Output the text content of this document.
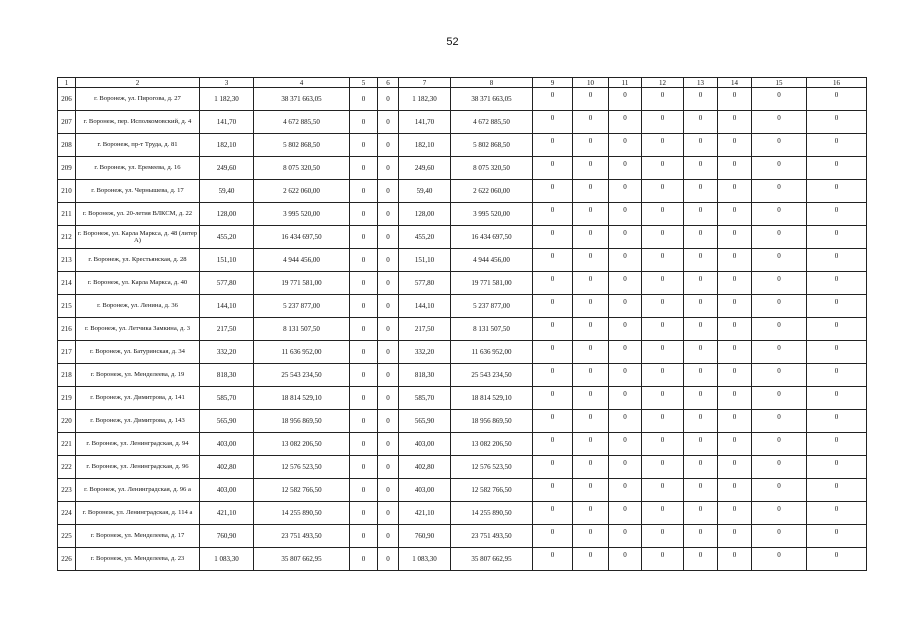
52
1	2	3	4	5	6	7	8	9	10	11	12	13	14	15	16
206	г. Воронеж, ул. Пирогова, д. 27	1 182,30	38 371 663,05	0	0	1 182,30	38 371 663,05	0	0	0	0	0	0	0	0
207	г. Воронеж, пер. Исполкомовский, д. 4	141,70	4 672 885,50	0	0	141,70	4 672 885,50	0	0	0	0	0	0	0	0
208	г. Воронеж, пр-т Труда, д. 81	182,10	5 802 868,50	0	0	182,10	5 802 868,50	0	0	0	0	0	0	0	0
209	г. Воронеж, ул. Еремеева, д. 16	249,60	8 075 320,50	0	0	249,60	8 075 320,50	0	0	0	0	0	0	0	0
210	г. Воронеж, ул. Чернышева, д. 17	59,40	2 622 060,00	0	0	59,40	2 622 060,00	0	0	0	0	0	0	0	0
211	г. Воронеж, ул. 20-летия ВЛКСМ, д. 22	128,00	3 995 520,00	0	0	128,00	3 995 520,00	0	0	0	0	0	0	0	0
212	г. Воронеж, ул. Карла Маркса, д. 48 (литер А)	455,20	16 434 697,50	0	0	455,20	16 434 697,50	0	0	0	0	0	0	0	0
213	г. Воронеж, ул. Крестьянская, д. 28	151,10	4 944 456,00	0	0	151,10	4 944 456,00	0	0	0	0	0	0	0	0
214	г. Воронеж, ул. Карла Маркса, д. 40	577,80	19 771 581,00	0	0	577,80	19 771 581,00	0	0	0	0	0	0	0	0
215	г. Воронеж, ул. Ленина, д. 36	144,10	5 237 877,00	0	0	144,10	5 237 877,00	0	0	0	0	0	0	0	0
216	г. Воронеж, ул. Летчика Замкина, д. 3	217,50	8 131 507,50	0	0	217,50	8 131 507,50	0	0	0	0	0	0	0	0
217	г. Воронеж, ул. Батуринская, д. 34	332,20	11 636 952,00	0	0	332,20	11 636 952,00	0	0	0	0	0	0	0	0
218	г. Воронеж, ул. Менделеева, д. 19	818,30	25 543 234,50	0	0	818,30	25 543 234,50	0	0	0	0	0	0	0	0
219	г. Воронеж, ул. Димитрова, д. 141	585,70	18 814 529,10	0	0	585,70	18 814 529,10	0	0	0	0	0	0	0	0
220	г. Воронеж, ул. Димитрова, д. 143	565,90	18 956 869,50	0	0	565,90	18 956 869,50	0	0	0	0	0	0	0	0
221	г. Воронеж, ул. Ленинградская, д. 94	403,00	13 082 206,50	0	0	403,00	13 082 206,50	0	0	0	0	0	0	0	0
222	г. Воронеж, ул. Ленинградская, д. 96	402,80	12 576 523,50	0	0	402,80	12 576 523,50	0	0	0	0	0	0	0	0
223	г. Воронеж, ул. Ленинградская, д. 96 а	403,00	12 582 766,50	0	0	403,00	12 582 766,50	0	0	0	0	0	0	0	0
224	г. Воронеж, ул. Ленинградская, д. 114 а	421,10	14 255 890,50	0	0	421,10	14 255 890,50	0	0	0	0	0	0	0	0
225	г. Воронеж, ул. Менделеева, д. 17	760,90	23 751 493,50	0	0	760,90	23 751 493,50	0	0	0	0	0	0	0	0
226	г. Воронеж, ул. Менделеева, д. 23	1 083,30	35 807 662,95	0	0	1 083,30	35 807 662,95	0	0	0	0	0	0	0	0
